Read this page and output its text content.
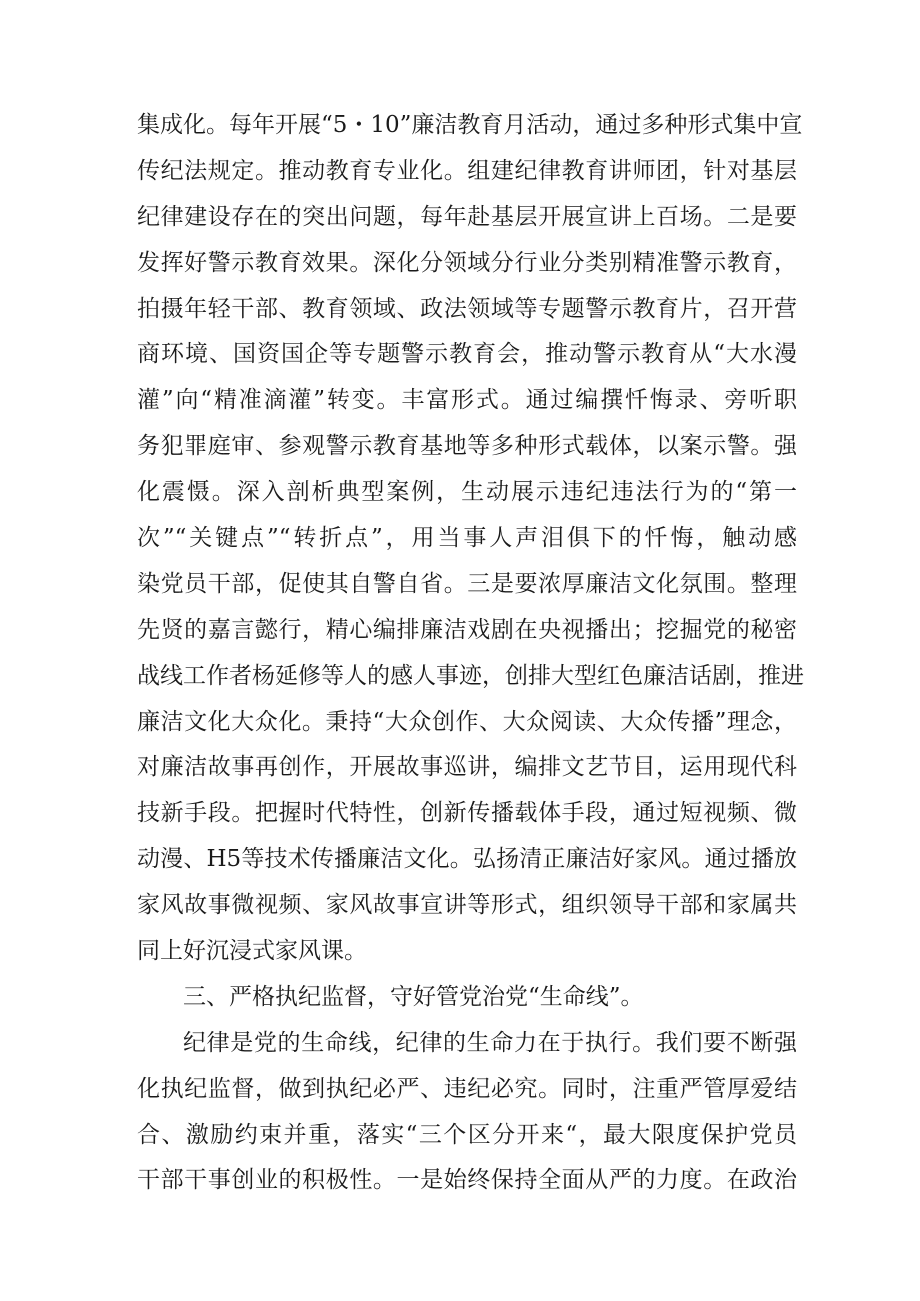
集成化。每年开展“5・10”廉洁教育月活动，通过多种形式集中宣
传纪法规定。推动教育专业化。组建纪律教育讲师团，针对基层
纪律建设存在的突出问题，每年赴基层开展宣讲上百场。二是要
发挥好警示教育效果。深化分领域分行业分类别精准警示教育，
拍摄年轻干部、教育领域、政法领域等专题警示教育片，召开营
商环境、国资国企等专题警示教育会，推动警示教育从“大水漫
灌”向“精准滴灌”转变。丰富形式。通过编撰忏悔录、旁听职
务犯罪庭审、参观警示教育基地等多种形式载体，以案示警。强
化震慑。深入剖析典型案例，生动展示违纪违法行为的“第一
次”“关键点”“转折点”，用当事人声泪俱下的忏悔，触动感
染党员干部，促使其自警自省。三是要浓厚廉洁文化氛围。整理
先贤的嘉言懿行，精心编排廉洁戏剧在央视播出；挖掘党的秘密
战线工作者杨延修等人的感人事迹，创排大型红色廉洁话剧，推进
廉洁文化大众化。秉持“大众创作、大众阅读、大众传播”理念，
对廉洁故事再创作，开展故事巡讲，编排文艺节目，运用现代科
技新手段。把握时代特性，创新传播载体手段，通过短视频、微
动漫、H5等技术传播廉洁文化。弘扬清正廉洁好家风。通过播放
家风故事微视频、家风故事宣讲等形式，组织领导干部和家属共
同上好沉浸式家风课。
三、严格执纪监督，守好管党治党“生命线”。
纪律是党的生命线，纪律的生命力在于执行。我们要不断强
化执纪监督，做到执纪必严、违纪必究。同时，注重严管厚爱结
合、激励约束并重，落实“三个区分开来“，最大限度保护党员
干部干事创业的积极性。一是始终保持全面从严的力度。在政治
